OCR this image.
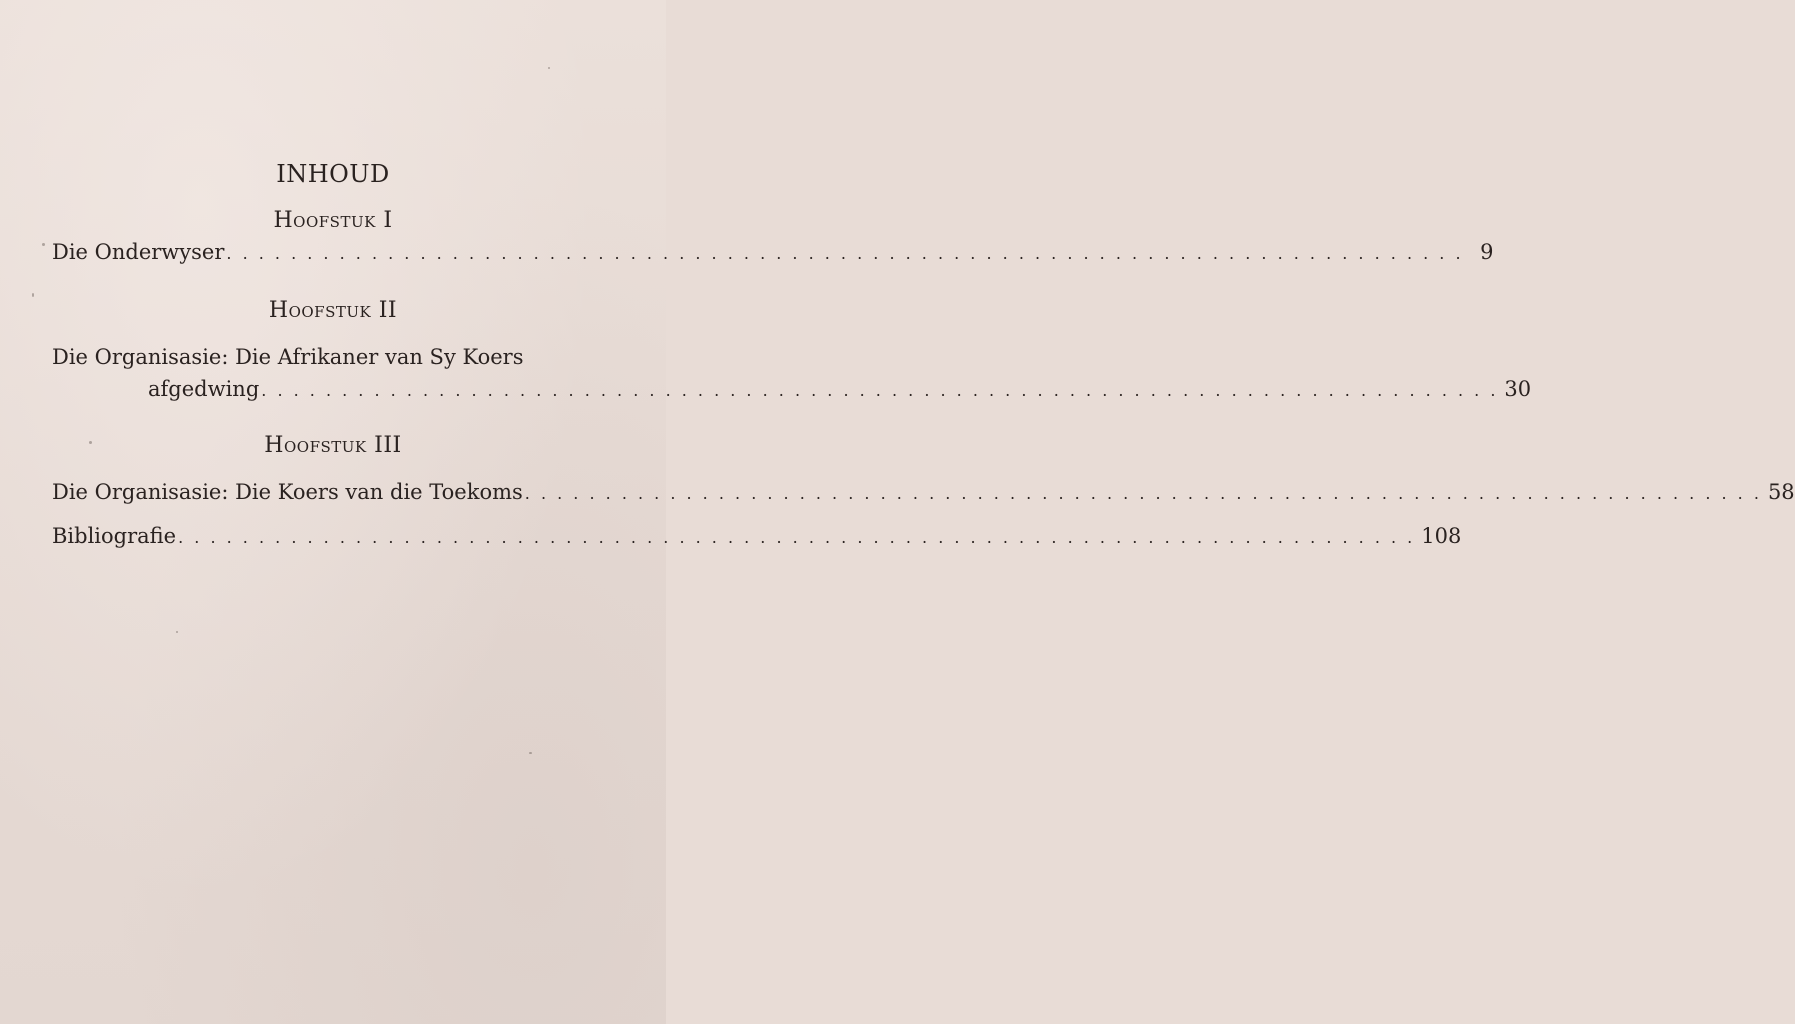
INHOUD
Hoofstuk I
Die Onderwyser . . .	9
Hoofstuk II
Die Organisasie: Die Afrikaner van Sy Koers
afgedwing . . .	30
Hoofstuk III
Die Organisasie: Die Koers van die Toekoms . . .	58
Bibliografie . . .	108
